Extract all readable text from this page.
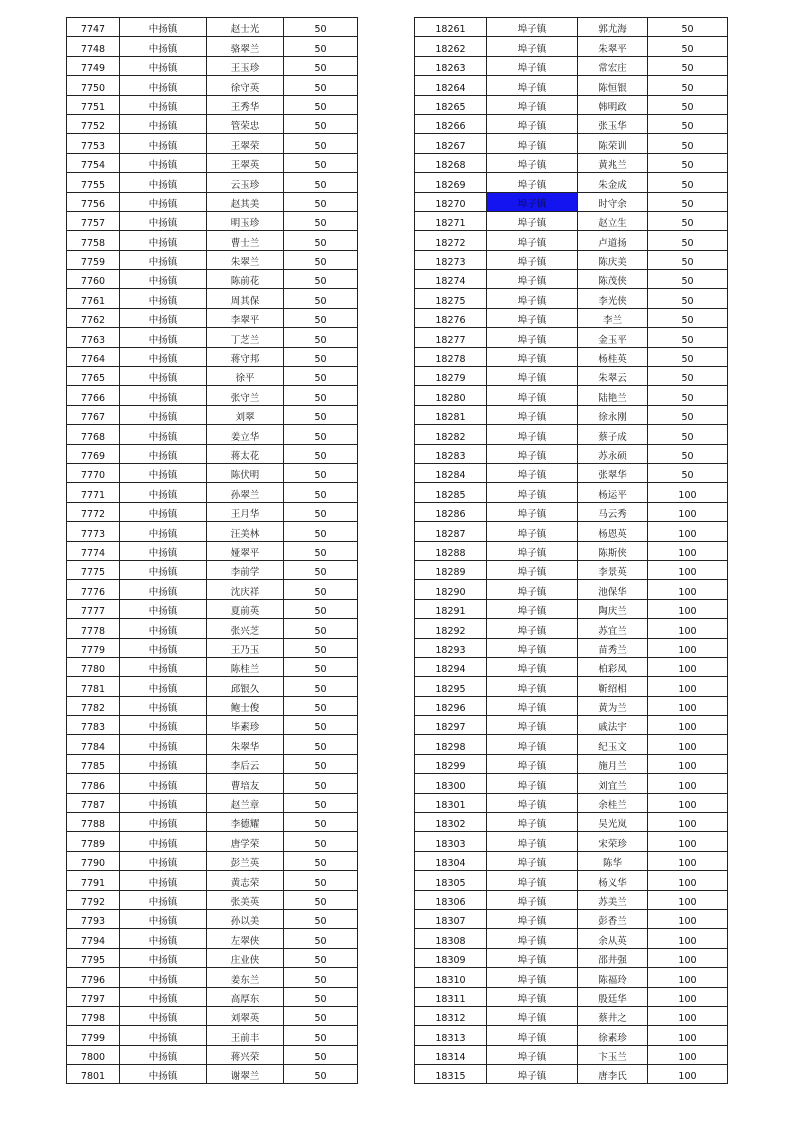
7747	中扬镇	赵士光	50
7748	中扬镇	骆翠兰	50
7749	中扬镇	王玉珍	50
7750	中扬镇	徐守英	50
7751	中扬镇	王秀华	50
7752	中扬镇	管荣忠	50
7753	中扬镇	王翠荣	50
7754	中扬镇	王翠英	50
7755	中扬镇	云玉珍	50
7756	中扬镇	赵其美	50
7757	中扬镇	明玉珍	50
7758	中扬镇	曹士兰	50
7759	中扬镇	朱翠兰	50
7760	中扬镇	陈前花	50
7761	中扬镇	周其保	50
7762	中扬镇	李翠平	50
7763	中扬镇	丁芝兰	50
7764	中扬镇	蒋守邦	50
7765	中扬镇	徐平	50
7766	中扬镇	张守兰	50
7767	中扬镇	刘翠	50
7768	中扬镇	姜立华	50
7769	中扬镇	蒋太花	50
7770	中扬镇	陈伏明	50
7771	中扬镇	孙翠兰	50
7772	中扬镇	王月华	50
7773	中扬镇	汪美林	50
7774	中扬镇	娅翠平	50
7775	中扬镇	李前学	50
7776	中扬镇	沈庆祥	50
7777	中扬镇	夏前英	50
7778	中扬镇	张兴芝	50
7779	中扬镇	王乃玉	50
7780	中扬镇	陈桂兰	50
7781	中扬镇	邱银久	50
7782	中扬镇	鲍士俊	50
7783	中扬镇	毕素珍	50
7784	中扬镇	朱翠华	50
7785	中扬镇	李后云	50
7786	中扬镇	曹培友	50
7787	中扬镇	赵兰章	50
7788	中扬镇	李德耀	50
7789	中扬镇	唐学荣	50
7790	中扬镇	彭兰英	50
7791	中扬镇	黄志荣	50
7792	中扬镇	张美英	50
7793	中扬镇	孙以美	50
7794	中扬镇	左翠侠	50
7795	中扬镇	庄业侠	50
7796	中扬镇	姜东兰	50
7797	中扬镇	高厚东	50
7798	中扬镇	刘翠英	50
7799	中扬镇	王前丰	50
7800	中扬镇	蒋兴荣	50
7801	中扬镇	谢翠兰	50
18261	埠子镇	郭尤海	50
18262	埠子镇	朱翠平	50
18263	埠子镇	常宏庄	50
18264	埠子镇	陈恒银	50
18265	埠子镇	韩明政	50
18266	埠子镇	张玉华	50
18267	埠子镇	陈荣训	50
18268	埠子镇	黄兆兰	50
18269	埠子镇	朱金成	50
18270	埠子镇	时守余	50
18271	埠子镇	赵立生	50
18272	埠子镇	卢道扬	50
18273	埠子镇	陈庆美	50
18274	埠子镇	陈茂侠	50
18275	埠子镇	李光侠	50
18276	埠子镇	李兰	50
18277	埠子镇	金玉平	50
18278	埠子镇	杨桂英	50
18279	埠子镇	朱翠云	50
18280	埠子镇	陆艳兰	50
18281	埠子镇	徐永刚	50
18282	埠子镇	蔡子成	50
18283	埠子镇	苏永硕	50
18284	埠子镇	张翠华	50
18285	埠子镇	杨运平	100
18286	埠子镇	马云秀	100
18287	埠子镇	杨恩英	100
18288	埠子镇	陈斯侠	100
18289	埠子镇	李景英	100
18290	埠子镇	池保华	100
18291	埠子镇	陶庆兰	100
18292	埠子镇	苏宜兰	100
18293	埠子镇	苗秀兰	100
18294	埠子镇	柏彩凤	100
18295	埠子镇	靳绍相	100
18296	埠子镇	黄为兰	100
18297	埠子镇	戚法宇	100
18298	埠子镇	纪玉文	100
18299	埠子镇	施月兰	100
18300	埠子镇	刘宜兰	100
18301	埠子镇	余桂兰	100
18302	埠子镇	吴光岚	100
18303	埠子镇	宋荣珍	100
18304	埠子镇	陈华	100
18305	埠子镇	杨义华	100
18306	埠子镇	苏美兰	100
18307	埠子镇	彭香兰	100
18308	埠子镇	余从英	100
18309	埠子镇	邵井强	100
18310	埠子镇	陈福玲	100
18311	埠子镇	殷廷华	100
18312	埠子镇	蔡井之	100
18313	埠子镇	徐素珍	100
18314	埠子镇	卞玉兰	100
18315	埠子镇	唐李氏	100
